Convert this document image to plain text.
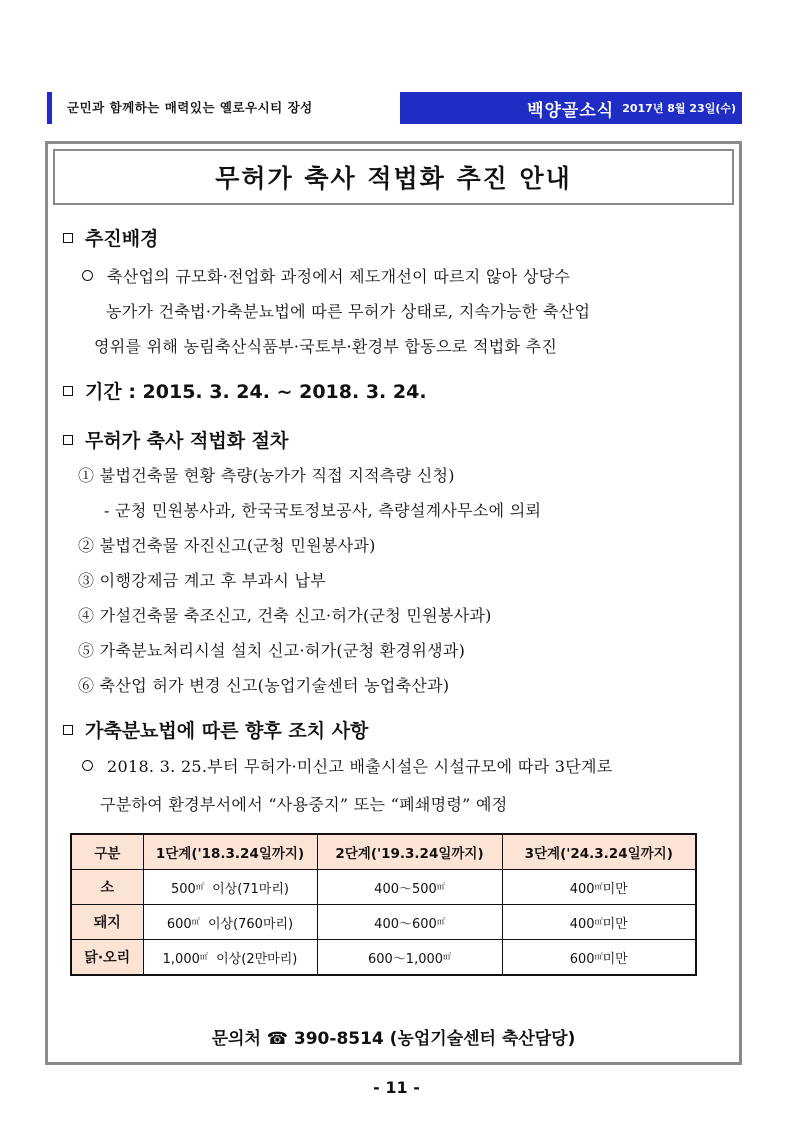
군민과 함께하는 매력있는 옐로우시티 장성	백양골소식 2017년 8월 23일(수)
무허가 축사 적법화 추진 안내
추진배경
축산업의 규모화·전업화 과정에서 제도개선이 따르지 않아 상당수
농가가 건축법·가축분뇨법에 따른 무허가 상태로, 지속가능한 축산업
영위를 위해 농림축산식품부·국토부·환경부 합동으로 적법화 추진
기간 : 2015. 3. 24. ~ 2018. 3. 24.
무허가 축사 적법화 절차
① 불법건축물 현황 측량(농가가 직접 지적측량 신청)
- 군청 민원봉사과, 한국국토정보공사, 측량설계사무소에 의뢰
② 불법건축물 자진신고(군청 민원봉사과)
③ 이행강제금 계고 후 부과시 납부
④ 가설건축물 축조신고, 건축 신고·허가(군청 민원봉사과)
⑤ 가축분뇨처리시설 설치 신고·허가(군청 환경위생과)
⑥ 축산업 허가 변경 신고(농업기술센터 농업축산과)
가축분뇨법에 따른 향후 조치 사항
2018. 3. 25.부터 무허가·미신고 배출시설은 시설규모에 따라 3단계로
구분하여 환경부서에서 “사용중지” 또는 “폐쇄명령” 예정
구분	1단계('18.3.24일까지)	2단계('19.3.24일까지)	3단계('24.3.24일까지)
소	500㎡ 이상(71마리)	400～500㎡	400㎡미만
돼지	600㎡ 이상(760마리)	400～600㎡	400㎡미만
닭·오리	1,000㎡ 이상(2만마리)	600～1,000㎡	600㎡미만
문의처 ☎ 390-8514 (농업기술센터 축산담당)
- 11 -
